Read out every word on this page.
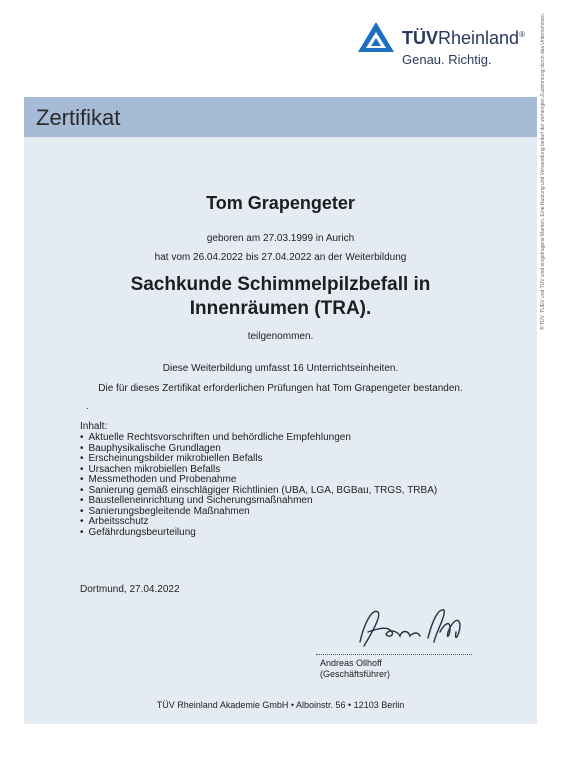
TÜVRheinland®
Genau. Richtig.
Zertifikat
Tom Grapengeter
geboren am 27.03.1999 in Aurich
hat vom 26.04.2022 bis 27.04.2022 an der Weiterbildung
Sachkunde Schimmelpilzbefall in
Innenräumen (TRA).
teilgenommen.
Diese Weiterbildung umfasst 16 Unterrichtseinheiten.
Die für dieses Zertifikat erforderlichen Prüfungen hat Tom Grapengeter bestanden.
.
Inhalt:
• Aktuelle Rechtsvorschriften und behördliche Empfehlungen
• Bauphysikalische Grundlagen
• Erscheinungsbilder mikrobiellen Befalls
• Ursachen mikrobiellen Befalls
• Messmethoden und Probenahme
• Sanierung gemäß einschlägiger Richtlinien (UBA, LGA, BGBau, TRGS, TRBA)
• Baustelleneinrichtung und Sicherungsmaßnahmen
• Sanierungsbegleitende Maßnahmen
• Arbeitsschutz
• Gefährdungsbeurteilung
Dortmund, 27.04.2022
Andreas Ollhoff
(Geschäftsführer)
TÜV Rheinland Akademie GmbH • Alboinstr. 56 • 12103 Berlin
® TÜV, TUEV und TUV sind eingetragene Marken. Eine Nutzung und Verwendung bedarf der vorherigen Zustimmung durch das Unternehmen.
